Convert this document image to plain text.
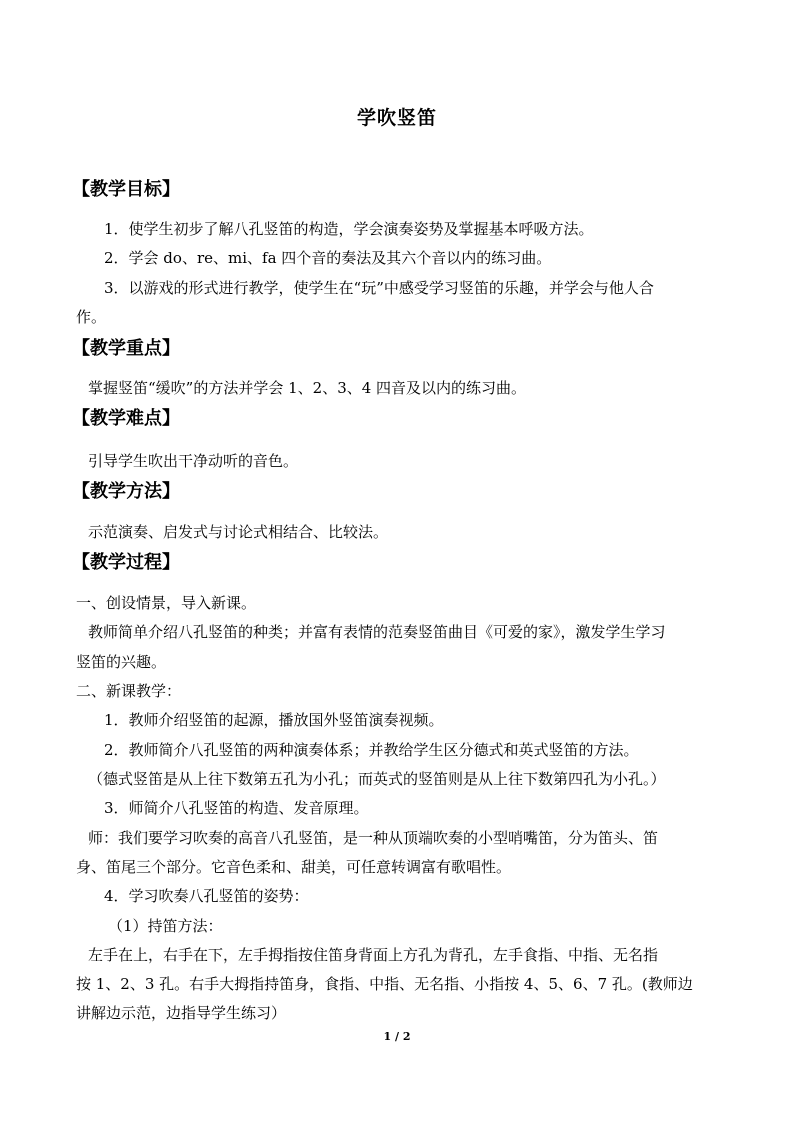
学吹竖笛
【教学目标】
1．使学生初步了解八孔竖笛的构造，学会演奏姿势及掌握基本呼吸方法。
2．学会 do、re、mi、fa 四个音的奏法及其六个音以内的练习曲。
3．以游戏的形式进行教学，使学生在“玩”中感受学习竖笛的乐趣，并学会与他人合
作。
【教学重点】
掌握竖笛“缓吹”的方法并学会 1、2、3、4 四音及以内的练习曲。
【教学难点】
引导学生吹出干净动听的音色。
【教学方法】
示范演奏、启发式与讨论式相结合、比较法。
【教学过程】
一、创设情景，导入新课。
教师简单介绍八孔竖笛的种类；并富有表情的范奏竖笛曲目《可爱的家》，激发学生学习
竖笛的兴趣。
二、新课教学：
1．教师介绍竖笛的起源，播放国外竖笛演奏视频。
2．教师简介八孔竖笛的两种演奏体系；并教给学生区分德式和英式竖笛的方法。
（德式竖笛是从上往下数第五孔为小孔；而英式的竖笛则是从上往下数第四孔为小孔。）
3．师简介八孔竖笛的构造、发音原理。
师：我们要学习吹奏的高音八孔竖笛，是一种从顶端吹奏的小型哨嘴笛，分为笛头、笛
身、笛尾三个部分。它音色柔和、甜美，可任意转调富有歌唱性。
4．学习吹奏八孔竖笛的姿势：
（1）持笛方法：
左手在上，右手在下，左手拇指按住笛身背面上方孔为背孔，左手食指、中指、无名指
按 1、2、3 孔。右手大拇指持笛身，食指、中指、无名指、小指按 4、5、6、7 孔。(教师边
讲解边示范，边指导学生练习）
1 / 2
